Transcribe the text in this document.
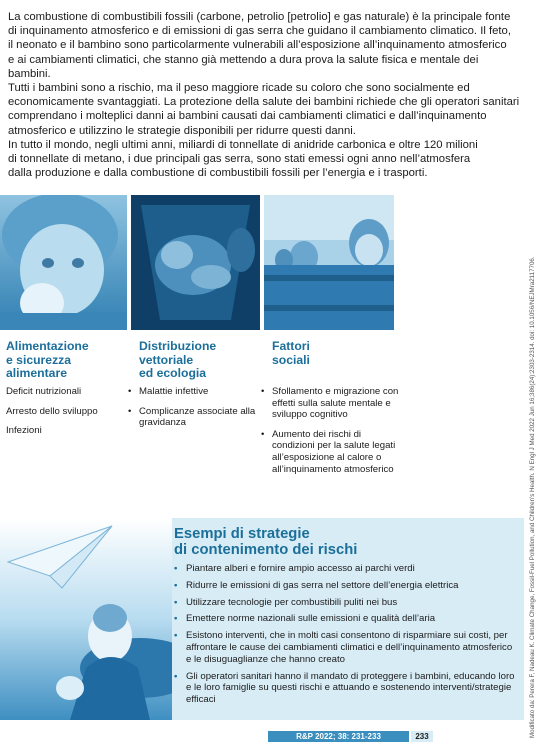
La combustione di combustibili fossili (carbone, petrolio [petrolio] e gas naturale) è la principale fonte

di inquinamento atmosferico e di emissioni di gas serra che guidano il cambiamento climatico. Il feto,

il neonato e il bambino sono particolarmente vulnerabili all’esposizione all’inquinamento atmosferico

e ai cambiamenti climatici, che stanno già mettendo a dura prova la salute fisica e mentale dei bambini.

Tutti i bambini sono a rischio, ma il peso maggiore ricade su coloro che sono socialmente ed

economicamente svantaggiati. La protezione della salute dei bambini richiede che gli operatori sanitari

comprendano i molteplici danni ai bambini causati dai cambiamenti climatici e dall’inquinamento

atmosferico e utilizzino le strategie disponibili per ridurre questi danni.

In tutto il mondo, negli ultimi anni, miliardi di tonnellate di anidride carbonica e oltre 120 milioni

di tonnellate di metano, i due principali gas serra, sono stati emessi ogni anno nell’atmosfera

dalla produzione e dalla combustione di combustibili fossili per l’energia e i trasporti.

Alimentazione
e sicurezza
alimentare
Distribuzione
vettoriale
ed ecologia
Fattori
sociali
Deficit nutrizionali
Arresto dello sviluppo
Infezioni
• Malattie infettive
• Complicanze associate alla gravidanza
• Sfollamento e migrazione con effetti sulla salute mentale e sviluppo cognitivo
• Aumento dei rischi di condizioni per la salute legati all’esposizione al calore o all’inquinamento atmosferico
Esempi di strategie
di contenimento dei rischi
• Piantare alberi e fornire ampio accesso ai parchi verdi
• Ridurre le emissioni di gas serra nel settore dell’energia elettrica
• Utilizzare tecnologie per combustibili puliti nei bus
• Emettere norme nazionali sulle emissioni e qualità dell’aria
• Esistono interventi, che in molti casi consentono di risparmiare sui costi, per affrontare le cause dei cambiamenti climatici e dell’inquinamento atmosferico e le disuguaglianze che hanno creato
• Gli operatori sanitari hanno il mandato di proteggere i bambini, educando loro e le loro famiglie su questi rischi e attuando e sostenendo interventi/strategie efficaci	Modificato da: Perera F, Nadeau K. Climate Change, Fossil-Fuel Pollution, and Children's Health. N Engl J Med 2022 Jun 16;386(24):2303-2314. doi: 10.1056/NEJMra2117706.
R&P 2022; 38: 231-233	233
